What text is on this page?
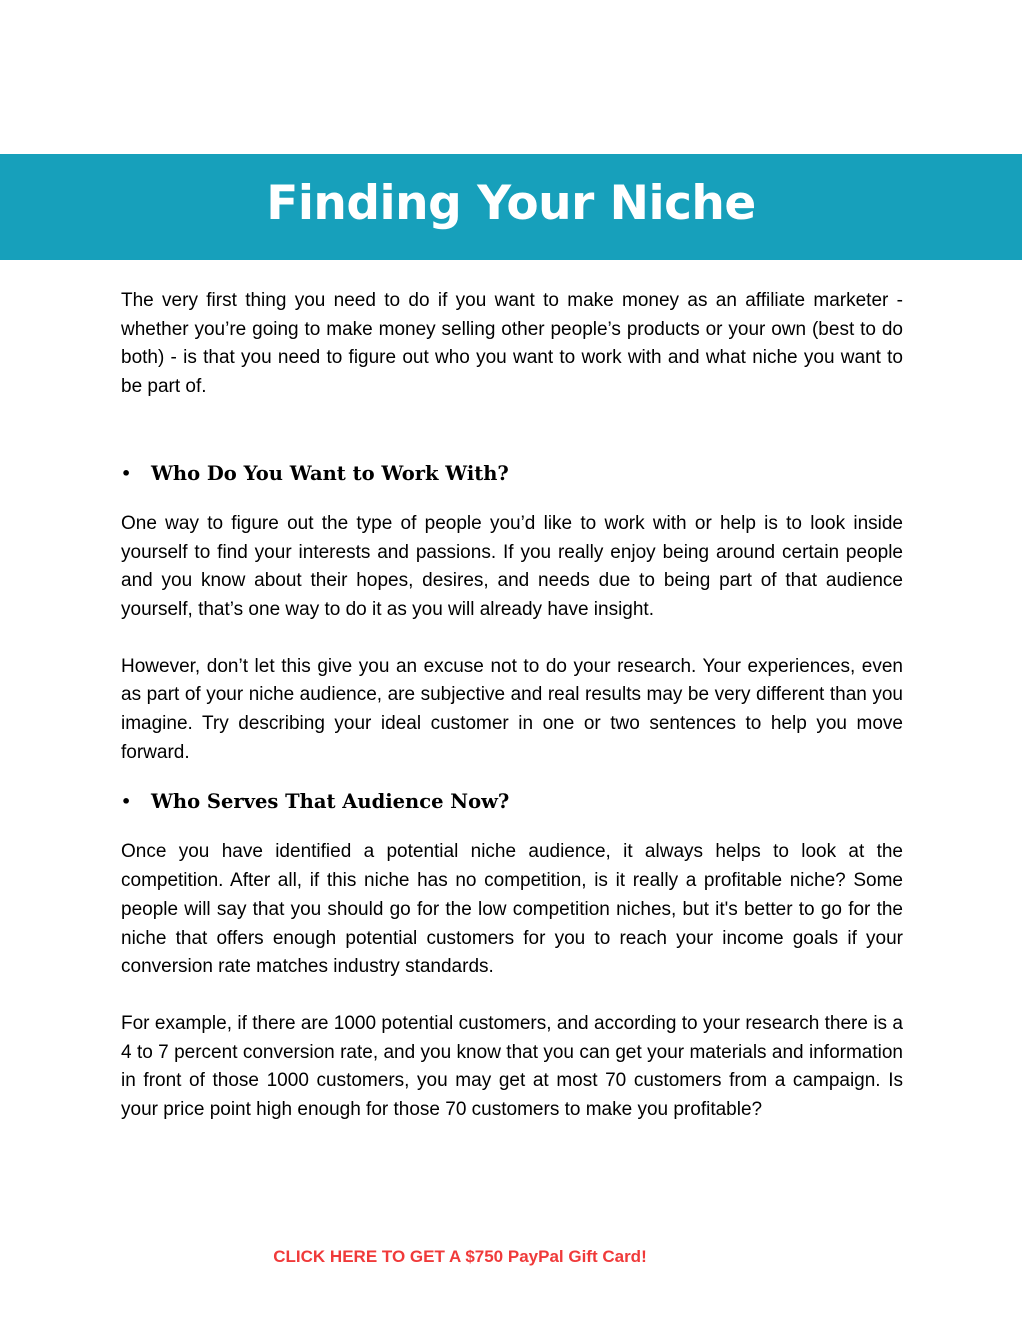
Finding Your Niche

The very first thing you need to do if you want to make money as an affiliate marketer - whether you’re going to make money selling other people’s products or your own (best to do both) - is that you need to figure out who you want to work with and what niche you want to be part of.

• Who Do You Want to Work With?

One way to figure out the type of people you’d like to work with or help is to look inside yourself to find your interests and passions. If you really enjoy being around certain people and you know about their hopes, desires, and needs due to being part of that audience yourself, that’s one way to do it as you will already have insight.

However, don’t let this give you an excuse not to do your research. Your experiences, even as part of your niche audience, are subjective and real results may be very different than you imagine. Try describing your ideal customer in one or two sentences to help you move forward.

• Who Serves That Audience Now?

Once you have identified a potential niche audience, it always helps to look at the competition. After all, if this niche has no competition, is it really a profitable niche? Some people will say that you should go for the low competition niches, but it's better to go for the niche that offers enough potential customers for you to reach your income goals if your conversion rate matches industry standards.

For example, if there are 1000 potential customers, and according to your research there is a 4 to 7 percent conversion rate, and you know that you can get your materials and information in front of those 1000 customers, you may get at most 70 customers from a campaign. Is your price point high enough for those 70 customers to make you profitable?

CLICK HERE TO GET A $750 PayPal Gift Card!
